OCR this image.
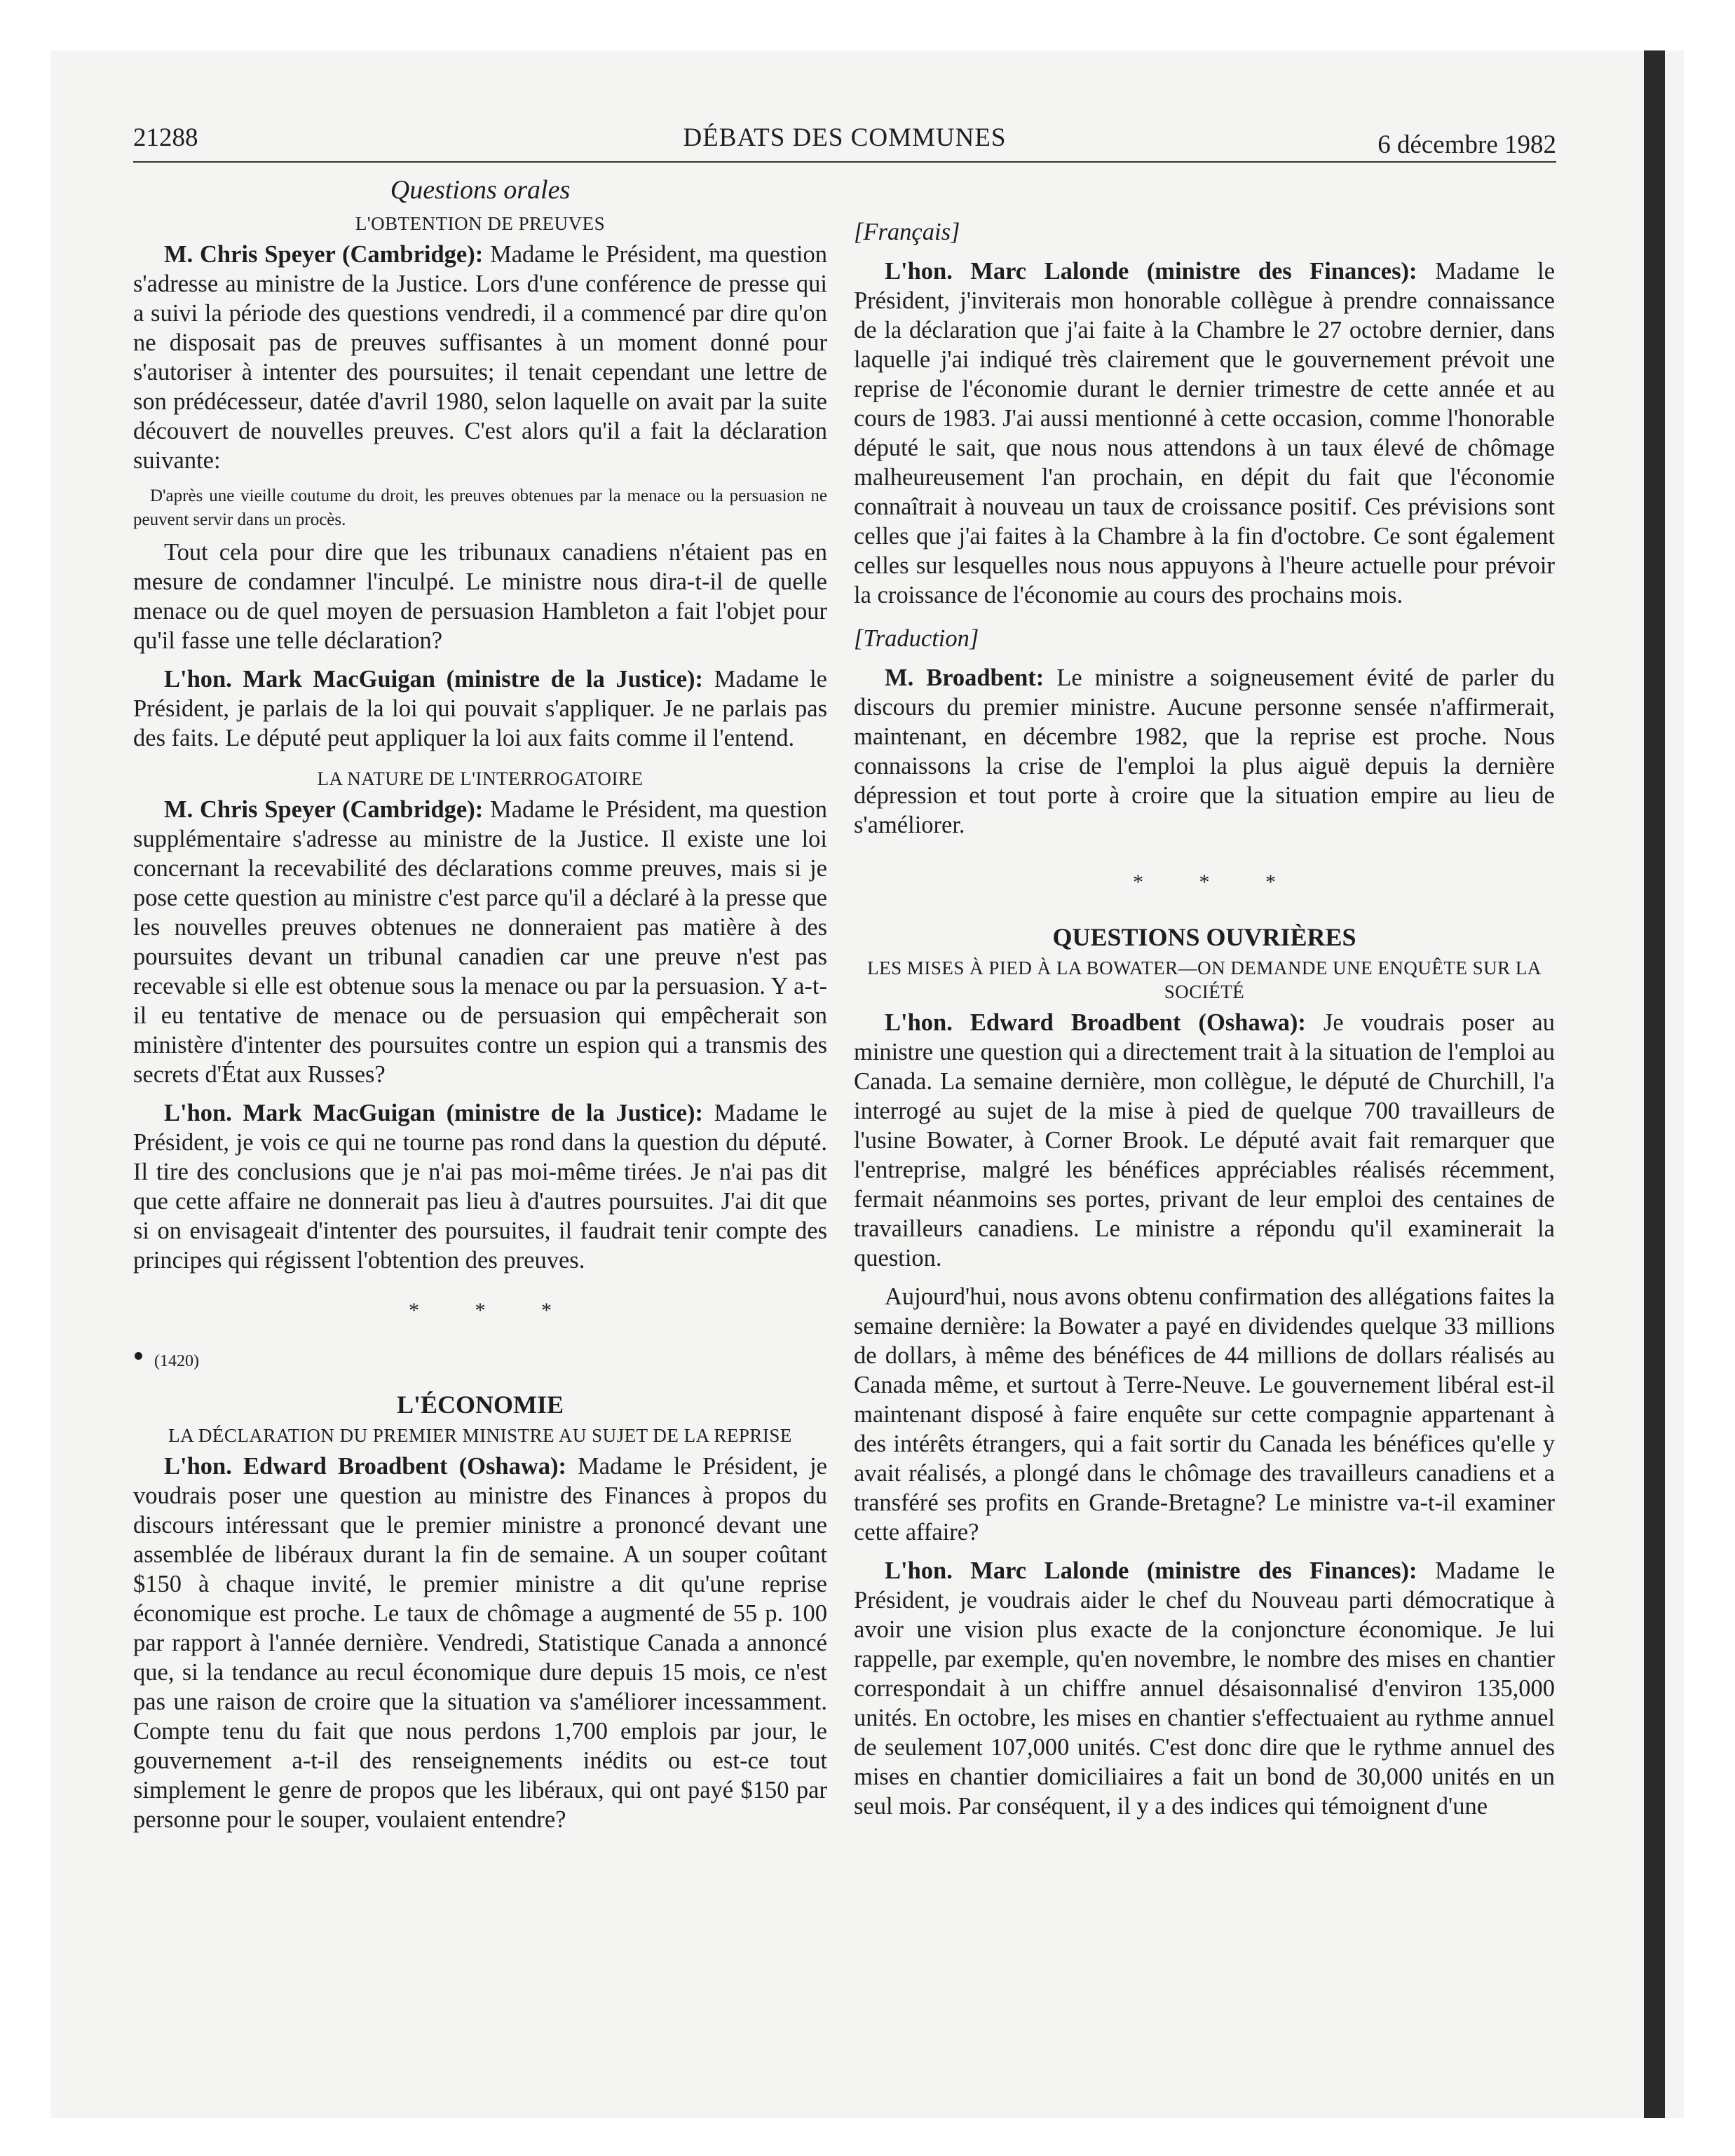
21288	DÉBATS DES COMMUNES	6 décembre 1982
Questions orales
L'OBTENTION DE PREUVES

M. Chris Speyer (Cambridge): Madame le Président, ma question s'adresse au ministre de la Justice. Lors d'une conférence de presse qui a suivi la période des questions vendredi, il a commencé par dire qu'on ne disposait pas de preuves suffisantes à un moment donné pour s'autoriser à intenter des poursuites; il tenait cependant une lettre de son prédécesseur, datée d'avril 1980, selon laquelle on avait par la suite découvert de nouvelles preuves. C'est alors qu'il a fait la déclaration suivante:

D'après une vieille coutume du droit, les preuves obtenues par la menace ou la persuasion ne peuvent servir dans un procès.

Tout cela pour dire que les tribunaux canadiens n'étaient pas en mesure de condamner l'inculpé. Le ministre nous dira-t-il de quelle menace ou de quel moyen de persuasion Hambleton a fait l'objet pour qu'il fasse une telle déclaration?

L'hon. Mark MacGuigan (ministre de la Justice): Madame le Président, je parlais de la loi qui pouvait s'appliquer. Je ne parlais pas des faits. Le député peut appliquer la loi aux faits comme il l'entend.

LA NATURE DE L'INTERROGATOIRE

M. Chris Speyer (Cambridge): Madame le Président, ma question supplémentaire s'adresse au ministre de la Justice. Il existe une loi concernant la recevabilité des déclarations comme preuves, mais si je pose cette question au ministre c'est parce qu'il a déclaré à la presse que les nouvelles preuves obtenues ne donneraient pas matière à des poursuites devant un tribunal canadien car une preuve n'est pas recevable si elle est obtenue sous la menace ou par la persuasion. Y a-t-il eu tentative de menace ou de persuasion qui empêcherait son ministère d'intenter des poursuites contre un espion qui a transmis des secrets d'État aux Russes?

L'hon. Mark MacGuigan (ministre de la Justice): Madame le Président, je vois ce qui ne tourne pas rond dans la question du député. Il tire des conclusions que je n'ai pas moi-même tirées. Je n'ai pas dit que cette affaire ne donnerait pas lieu à d'autres poursuites. J'ai dit que si on envisageait d'intenter des poursuites, il faudrait tenir compte des principes qui régissent l'obtention des preuves.

* * *
(1420)
L'ÉCONOMIE
LA DÉCLARATION DU PREMIER MINISTRE AU SUJET DE LA REPRISE

L'hon. Edward Broadbent (Oshawa): Madame le Président, je voudrais poser une question au ministre des Finances à propos du discours intéressant que le premier ministre a prononcé devant une assemblée de libéraux durant la fin de semaine. A un souper coûtant $150 à chaque invité, le premier ministre a dit qu'une reprise économique est proche. Le taux de chômage a augmenté de 55 p. 100 par rapport à l'année dernière. Vendredi, Statistique Canada a annoncé que, si la tendance au recul économique dure depuis 15 mois, ce n'est pas une raison de croire que la situation va s'améliorer incessamment. Compte tenu du fait que nous perdons 1,700 emplois par jour, le gouvernement a-t-il des renseignements inédits ou est-ce tout simplement le genre de propos que les libéraux, qui ont payé $150 par personne pour le souper, voulaient entendre?

[Français]

L'hon. Marc Lalonde (ministre des Finances): Madame le Président, j'inviterais mon honorable collègue à prendre connaissance de la déclaration que j'ai faite à la Chambre le 27 octobre dernier, dans laquelle j'ai indiqué très clairement que le gouvernement prévoit une reprise de l'économie durant le dernier trimestre de cette année et au cours de 1983. J'ai aussi mentionné à cette occasion, comme l'honorable député le sait, que nous nous attendons à un taux élevé de chômage malheureusement l'an prochain, en dépit du fait que l'économie connaîtrait à nouveau un taux de croissance positif. Ces prévisions sont celles que j'ai faites à la Chambre à la fin d'octobre. Ce sont également celles sur lesquelles nous nous appuyons à l'heure actuelle pour prévoir la croissance de l'économie au cours des prochains mois.

[Traduction]

M. Broadbent: Le ministre a soigneusement évité de parler du discours du premier ministre. Aucune personne sensée n'affirmerait, maintenant, en décembre 1982, que la reprise est proche. Nous connaissons la crise de l'emploi la plus aiguë depuis la dernière dépression et tout porte à croire que la situation empire au lieu de s'améliorer.

* * *
QUESTIONS OUVRIÈRES
LES MISES À PIED À LA BOWATER—ON DEMANDE UNE ENQUÊTE SUR LA SOCIÉTÉ

L'hon. Edward Broadbent (Oshawa): Je voudrais poser au ministre une question qui a directement trait à la situation de l'emploi au Canada. La semaine dernière, mon collègue, le député de Churchill, l'a interrogé au sujet de la mise à pied de quelque 700 travailleurs de l'usine Bowater, à Corner Brook. Le député avait fait remarquer que l'entreprise, malgré les bénéfices appréciables réalisés récemment, fermait néanmoins ses portes, privant de leur emploi des centaines de travailleurs canadiens. Le ministre a répondu qu'il examinerait la question.

Aujourd'hui, nous avons obtenu confirmation des allégations faites la semaine dernière: la Bowater a payé en dividendes quelque 33 millions de dollars, à même des bénéfices de 44 millions de dollars réalisés au Canada même, et surtout à Terre-Neuve. Le gouvernement libéral est-il maintenant disposé à faire enquête sur cette compagnie appartenant à des intérêts étrangers, qui a fait sortir du Canada les bénéfices qu'elle y avait réalisés, a plongé dans le chômage des travailleurs canadiens et a transféré ses profits en Grande-Bretagne? Le ministre va-t-il examiner cette affaire?

L'hon. Marc Lalonde (ministre des Finances): Madame le Président, je voudrais aider le chef du Nouveau parti démocratique à avoir une vision plus exacte de la conjoncture économique. Je lui rappelle, par exemple, qu'en novembre, le nombre des mises en chantier correspondait à un chiffre annuel désaisonnalisé d'environ 135,000 unités. En octobre, les mises en chantier s'effectuaient au rythme annuel de seulement 107,000 unités. C'est donc dire que le rythme annuel des mises en chantier domiciliaires a fait un bond de 30,000 unités en un seul mois. Par conséquent, il y a des indices qui témoignent d'une
